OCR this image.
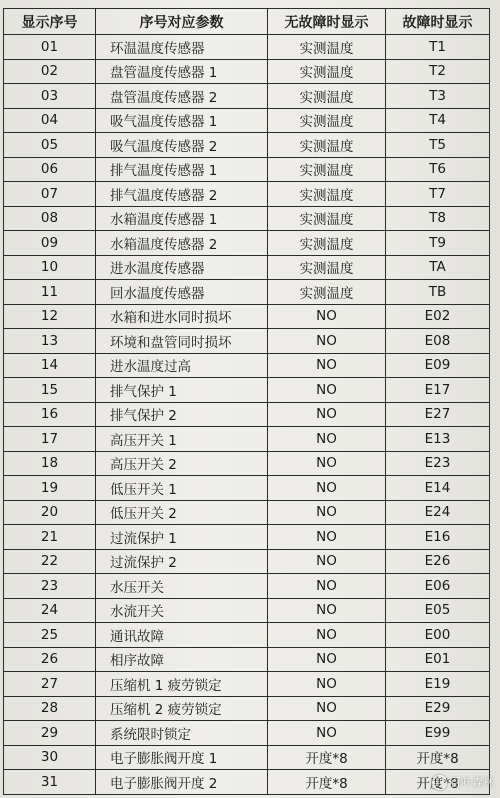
显示序号	序号对应参数	无故障时显示	故障时显示
01	环温温度传感器	实测温度	T1
02	盘管温度传感器 1	实测温度	T2
03	盘管温度传感器 2	实测温度	T3
04	吸气温度传感器 1	实测温度	T4
05	吸气温度传感器 2	实测温度	T5
06	排气温度传感器 1	实测温度	T6
07	排气温度传感器 2	实测温度	T7
08	水箱温度传感器 1	实测温度	T8
09	水箱温度传感器 2	实测温度	T9
10	进水温度传感器	实测温度	TA
11	回水温度传感器	实测温度	TB
12	水箱和进水同时损坏	NO	E02
13	环境和盘管同时损坏	NO	E08
14	进水温度过高	NO	E09
15	排气保护 1	NO	E17
16	排气保护 2	NO	E27
17	高压开关 1	NO	E13
18	高压开关 2	NO	E23
19	低压开关 1	NO	E14
20	低压开关 2	NO	E24
21	过流保护 1	NO	E16
22	过流保护 2	NO	E26
23	水压开关	NO	E06
24	水流开关	NO	E05
25	通讯故障	NO	E00
26	相序故障	NO	E01
27	压缩机 1 疲劳锁定	NO	E19
28	压缩机 2 疲劳锁定	NO	E29
29	系统限时锁定	NO	E99
30	电子膨胀阀开度 1	开度*8	开度*8
31	电子膨胀阀开度 2	开度*8	开度*8
百叶森林
